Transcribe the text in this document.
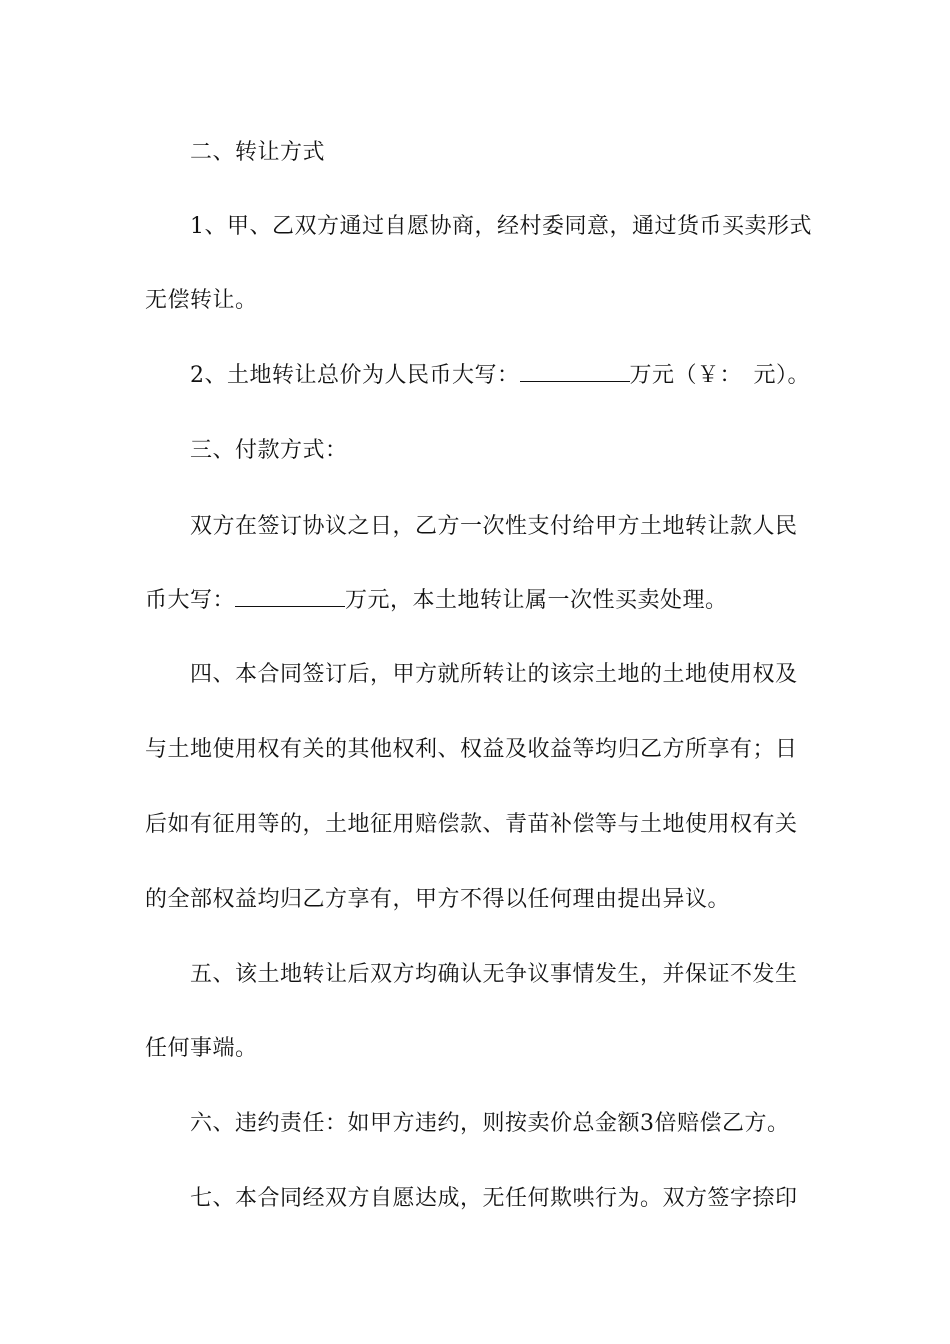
二、转让方式
1、甲、乙双方通过自愿协商，经村委同意，通过货币买卖形式
无偿转让。
2、土地转让总价为人民币大写：	万元（￥：　元）。
三、付款方式：
双方在签订协议之日，乙方一次性支付给甲方土地转让款人民
币大写：	万元，本土地转让属一次性买卖处理。
四、本合同签订后，甲方就所转让的该宗土地的土地使用权及
与土地使用权有关的其他权利、权益及收益等均归乙方所享有；日
后如有征用等的，土地征用赔偿款、青苗补偿等与土地使用权有关
的全部权益均归乙方享有，甲方不得以任何理由提出异议。
五、该土地转让后双方均确认无争议事情发生，并保证不发生
任何事端。
六、违约责任：如甲方违约，则按卖价总金额3倍赔偿乙方。
七、本合同经双方自愿达成，无任何欺哄行为。双方签字捺印
